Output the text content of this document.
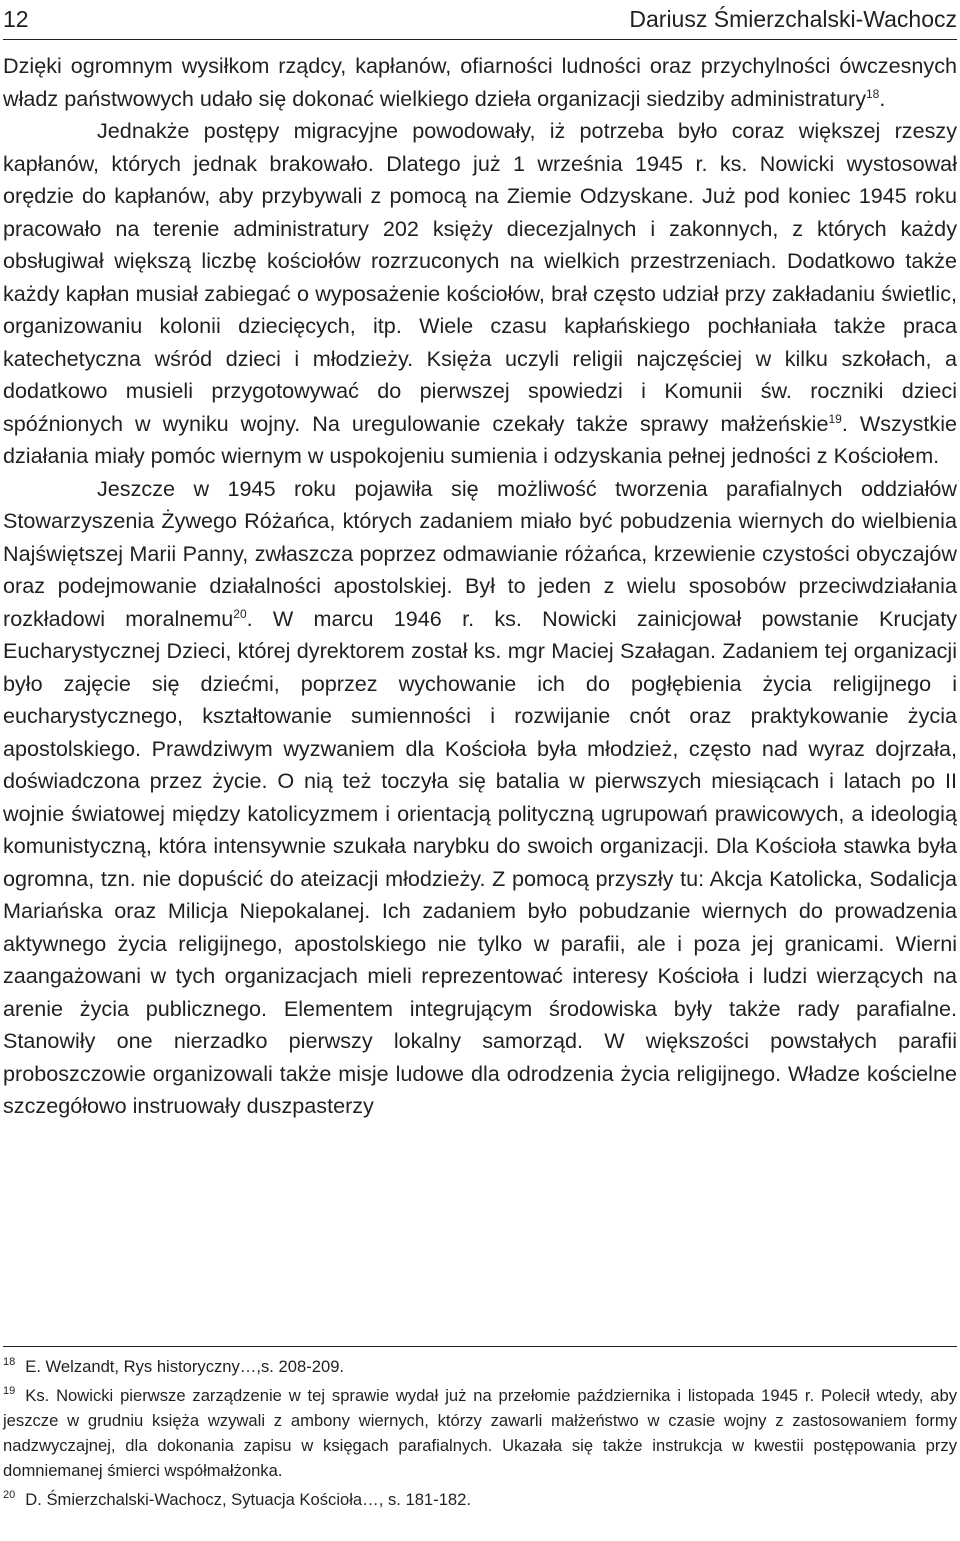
12	Dariusz Śmierzchalski-Wachocz

Dzięki ogromnym wysiłkom rządcy, kapłanów, ofiarności ludności oraz przychylności ówczesnych władz państwowych udało się dokonać wielkiego dzieła organizacji siedziby administratury$^{18}$.

Jednakże postępy migracyjne powodowały, iż potrzeba było coraz większej rzeszy kapłanów, których jednak brakowało. Dlatego już 1 września 1945 r. ks. Nowicki wystosował orędzie do kapłanów, aby przybywali z pomocą na Ziemie Odzyskane. Już pod koniec 1945 roku pracowało na terenie administratury 202 księży diecezjalnych i zakonnych, z których każdy obsługiwał większą liczbę kościołów rozrzuconych na wielkich przestrzeniach. Dodatkowo także każdy kapłan musiał zabiegać o wyposażenie kościołów, brał często udział przy zakładaniu świetlic, organizowaniu kolonii dziecięcych, itp. Wiele czasu kapłańskiego pochłaniała także praca katechetyczna wśród dzieci i młodzieży. Księża uczyli religii najczęściej w kilku szkołach, a dodatkowo musieli przygotowywać do pierwszej spowiedzi i Komunii św. roczniki dzieci spóźnionych w wyniku wojny. Na uregulowanie czekały także sprawy małżeńskie$^{19}$. Wszystkie działania miały pomóc wiernym w uspokojeniu sumienia i odzyskania pełnej jedności z Kościołem.

Jeszcze w 1945 roku pojawiła się możliwość tworzenia parafialnych oddziałów Stowarzyszenia Żywego Różańca, których zadaniem miało być pobudzenia wiernych do wielbienia Najświętszej Marii Panny, zwłaszcza poprzez odmawianie różańca, krzewienie czystości obyczajów oraz podejmowanie działalności apostolskiej. Był to jeden z wielu sposobów przeciwdziałania rozkładowi moralnemu$^{20}$. W marcu 1946 r. ks. Nowicki zainicjował powstanie Krucjaty Eucharystycznej Dzieci, której dyrektorem został ks. mgr Maciej Szałagan. Zadaniem tej organizacji było zajęcie się dziećmi, poprzez wychowanie ich do pogłębienia życia religijnego i eucharystycznego, kształtowanie sumienności i rozwijanie cnót oraz praktykowanie życia apostolskiego. Prawdziwym wyzwaniem dla Kościoła była młodzież, często nad wyraz dojrzała, doświadczona przez życie. O nią też toczyła się batalia w pierwszych miesiącach i latach po II wojnie światowej między katolicyzmem i orientacją polityczną ugrupowań prawicowych, a ideologią komunistyczną, która intensywnie szukała narybku do swoich organizacji. Dla Kościoła stawka była ogromna, tzn. nie dopuścić do ateizacji młodzieży. Z pomocą przyszły tu: Akcja Katolicka, Sodalicja Mariańska oraz Milicja Niepokalanej. Ich zadaniem było pobudzanie wiernych do prowadzenia aktywnego życia religijnego, apostolskiego nie tylko w parafii, ale i poza jej granicami. Wierni zaangażowani w tych organizacjach mieli reprezentować interesy Kościoła i ludzi wierzących na arenie życia publicznego. Elementem integrującym środowiska były także rady parafialne. Stanowiły one nierzadko pierwszy lokalny samorząd. W większości powstałych parafii proboszczowie organizowali także misje ludowe dla odrodzenia życia religijnego. Władze kościelne szczegółowo instruowały duszpasterzy

$^{18}$ E. Welzandt, Rys historyczny…,s. 208-209.

$^{19}$ Ks. Nowicki pierwsze zarządzenie w tej sprawie wydał już na przełomie października i listopada 1945 r. Polecił wtedy, aby jeszcze w grudniu księża wzywali z ambony wiernych, którzy zawarli małżeństwo w czasie wojny z zastosowaniem formy nadzwyczajnej, dla dokonania zapisu w księgach parafialnych. Ukazała się także instrukcja w kwestii postępowania przy domniemanej śmierci współmałżonka.

$^{20}$ D. Śmierzchalski-Wachocz, Sytuacja Kościoła…, s. 181-182.
